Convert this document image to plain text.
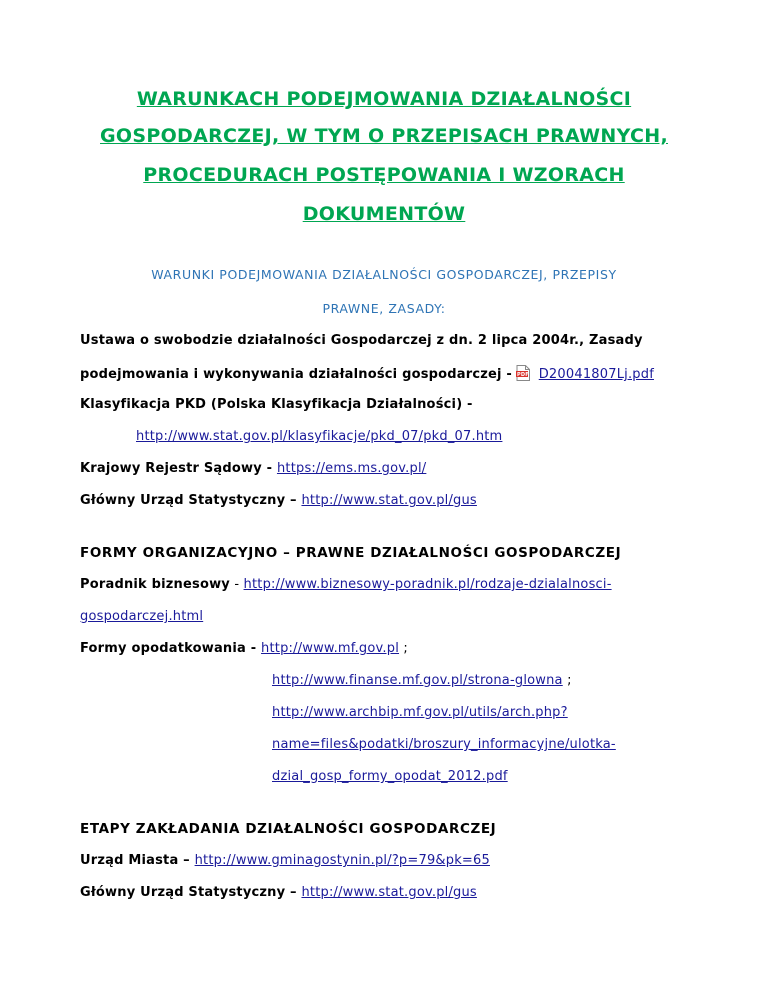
WARUNKACH PODEJMOWANIA DZIAŁALNOŚCI
GOSPODARCZEJ, W TYM O PRZEPISACH PRAWNYCH,
PROCEDURACH POSTĘPOWANIA I WZORACH
DOKUMENTÓW
WARUNKI PODEJMOWANIA DZIAŁALNOŚCI GOSPODARCZEJ, PRZEPISY
PRAWNE, ZASADY:
Ustawa o swobodzie działalności Gospodarczej z dn. 2 lipca 2004r., Zasady
podejmowania i wykonywania działalności gospodarczej - PDF D20041807Lj.pdf
Klasyfikacja PKD (Polska Klasyfikacja Działalności) -
http://www.stat.gov.pl/klasyfikacje/pkd_07/pkd_07.htm
Krajowy Rejestr Sądowy - https://ems.ms.gov.pl/
Główny Urząd Statystyczny – http://www.stat.gov.pl/gus
FORMY ORGANIZACYJNO – PRAWNE DZIAŁALNOŚCI GOSPODARCZEJ
Poradnik biznesowy - http://www.biznesowy-poradnik.pl/rodzaje-dzialalnosci-
gospodarczej.html
Formy opodatkowania - http://www.mf.gov.pl ;
http://www.finanse.mf.gov.pl/strona-glowna ;
http://www.archbip.mf.gov.pl/utils/arch.php?
name=files&podatki/broszury_informacyjne/ulotka-
dzial_gosp_formy_opodat_2012.pdf
ETAPY ZAKŁADANIA DZIAŁALNOŚCI GOSPODARCZEJ
Urząd Miasta – http://www.gminagostynin.pl/?p=79&pk=65
Główny Urząd Statystyczny – http://www.stat.gov.pl/gus
